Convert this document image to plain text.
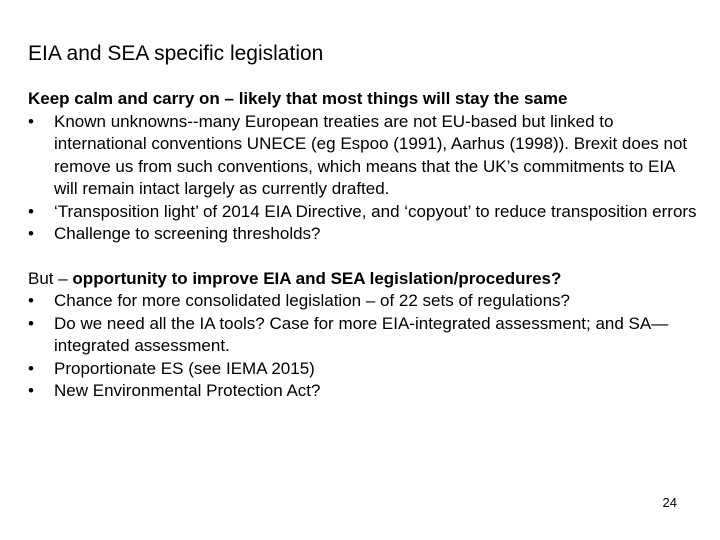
EIA and SEA specific legislation
Keep calm and carry on – likely that most things will stay the same
• Known unknowns--many European treaties are not EU-based but linked to international conventions UNECE (eg Espoo (1991), Aarhus (1998)). Brexit does not remove us from such conventions, which means that the UK’s commitments to EIA will remain intact largely as currently drafted.
• ‘Transposition light’ of 2014 EIA Directive, and ‘copyout’ to reduce transposition errors
• Challenge to screening thresholds?
But – opportunity to improve EIA and SEA legislation/procedures?
• Chance for more consolidated legislation – of 22 sets of regulations?
• Do we need all the IA tools? Case for more EIA-integrated assessment; and SA—integrated assessment.
• Proportionate ES (see IEMA 2015)
• New Environmental Protection Act?
24
